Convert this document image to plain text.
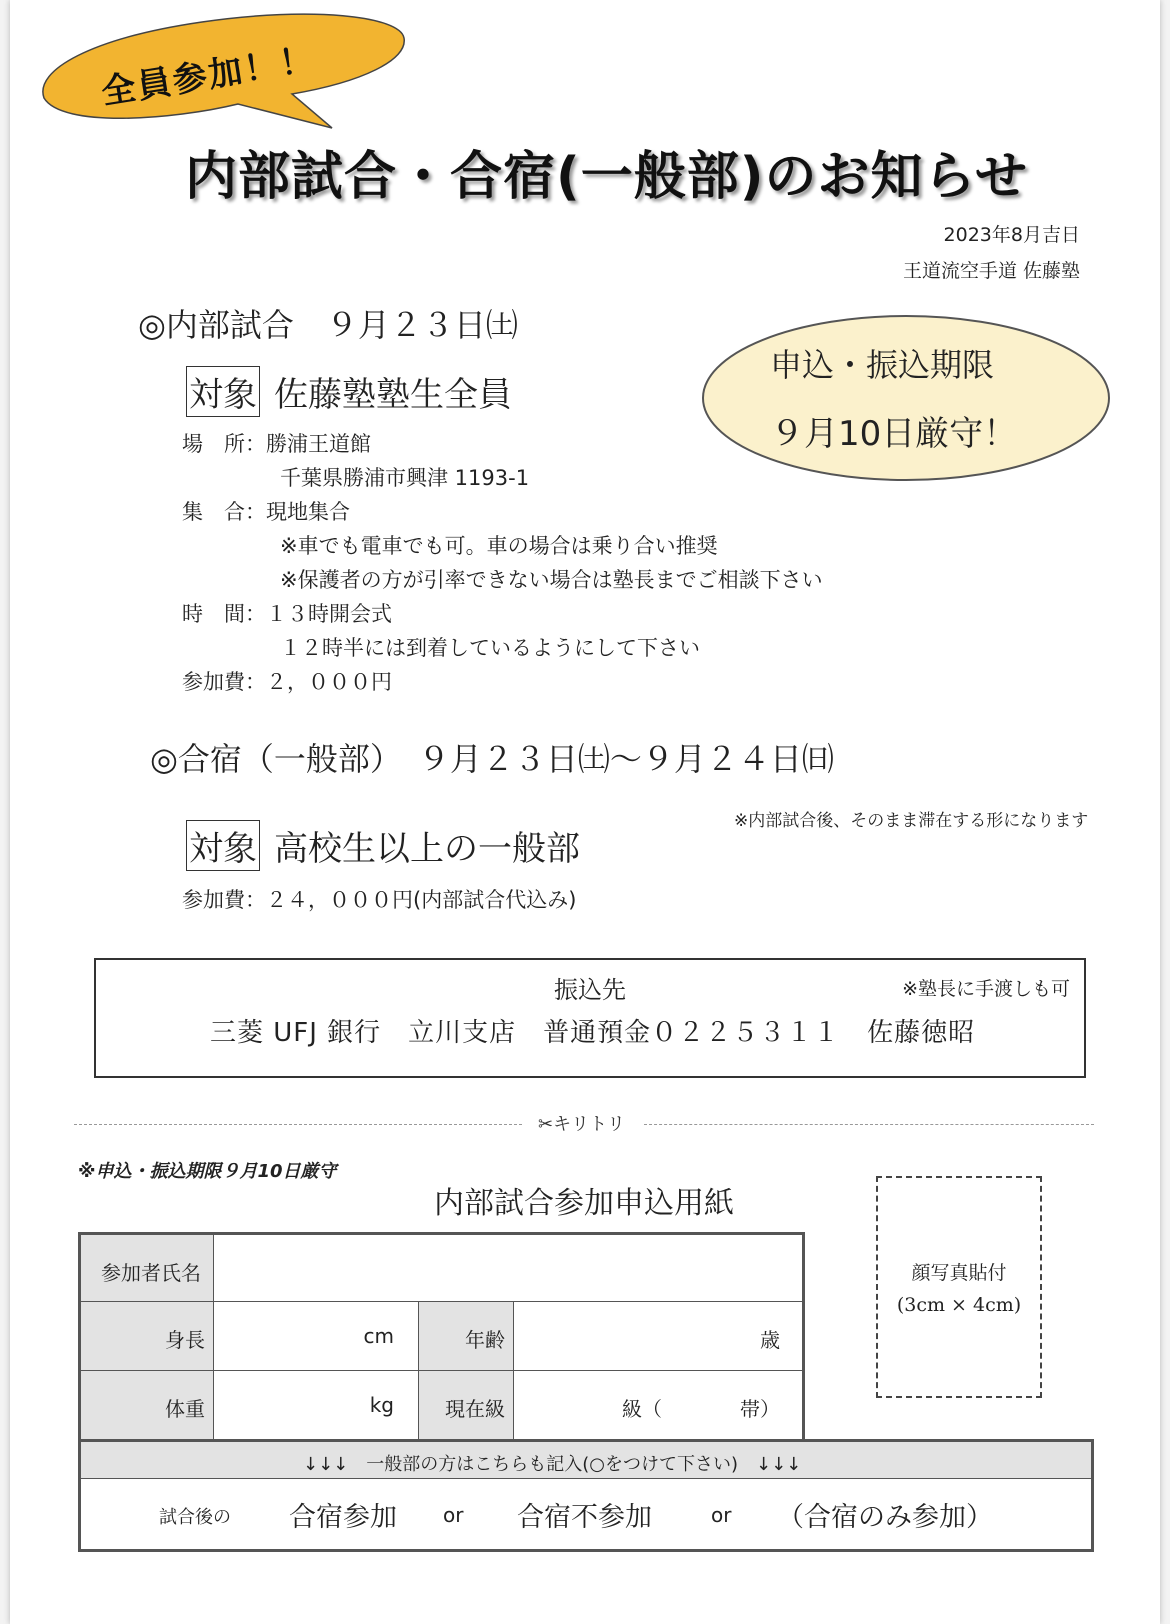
全員参加！！
内部試合・合宿(一般部)のお知らせ
2023年8月吉日
王道流空手道 佐藤塾
◎内部試合　９月２３日㈯
対象 佐藤塾塾生全員
申込・振込期限
９月10日厳守！
場　所：勝浦王道館
千葉県勝浦市興津 1193-1
集　合：現地集合
※車でも電車でも可。車の場合は乗り合い推奨
※保護者の方が引率できない場合は塾長までご相談下さい
時　間：１３時開会式
１２時半には到着しているようにして下さい
参加費：２，０００円
◎合宿（一般部）　９月２３日㈯～９月２４日㈰
※内部試合後、そのまま滞在する形になります
対象 高校生以上の一般部
参加費：２４，０００円(内部試合代込み)
振込先	※塾長に手渡しも可
三菱 UFJ 銀行　立川支店　普通預金０２２５３１１　佐藤徳昭
✂キリトリ
※申込・振込期限９月10日厳守
内部試合参加申込用紙
顔写真貼付
(3cm × 4cm)
参加者氏名
身長	cm	年齢	歳
体重	kg	現在級	級（	帯）
↓↓↓　一般部の方はこちらも記入(○をつけて下さい)　↓↓↓
試合後の 合宿参加 or 合宿不参加	or （合宿のみ参加）
